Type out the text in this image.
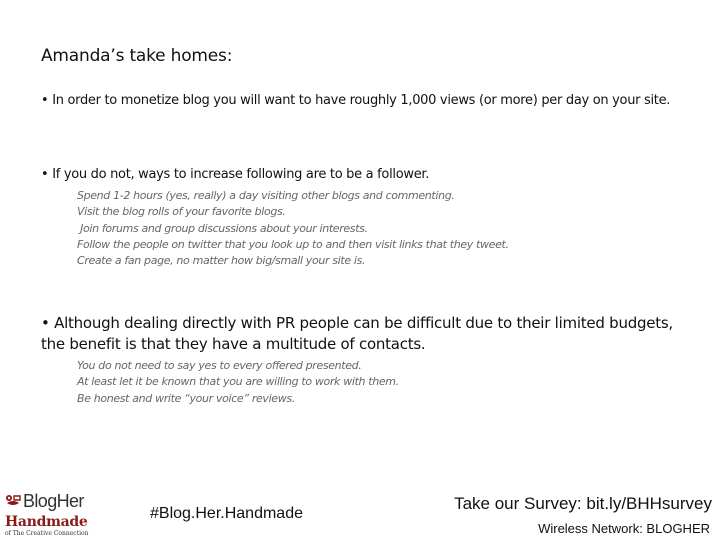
Amanda’s take homes:
• In order to monetize blog you will want to have roughly 1,000 views (or more) per day on your site.
• If you do not, ways to increase following are to be a follower.
Spend 1-2 hours (yes, really) a day visiting other blogs and commenting.
Visit the blog rolls of your favorite blogs.
Join forums and group discussions about your interests.
Follow the people on twitter that you look up to and then visit links that they tweet.
Create a fan page, no matter how big/small your site is.
• Although dealing directly with PR people can be difficult due to their limited budgets, the benefit is that they have a multitude of contacts.
You do not need to say yes to every offered presented.
At least let it be known that you are willing to work with them.
Be honest and write “your voice” reviews.
BlogHer
Handmade
of The Creative Connection
#Blog.Her.Handmade
Take our Survey: bit.ly/BHHsurvey
Wireless Network: BLOGHER
